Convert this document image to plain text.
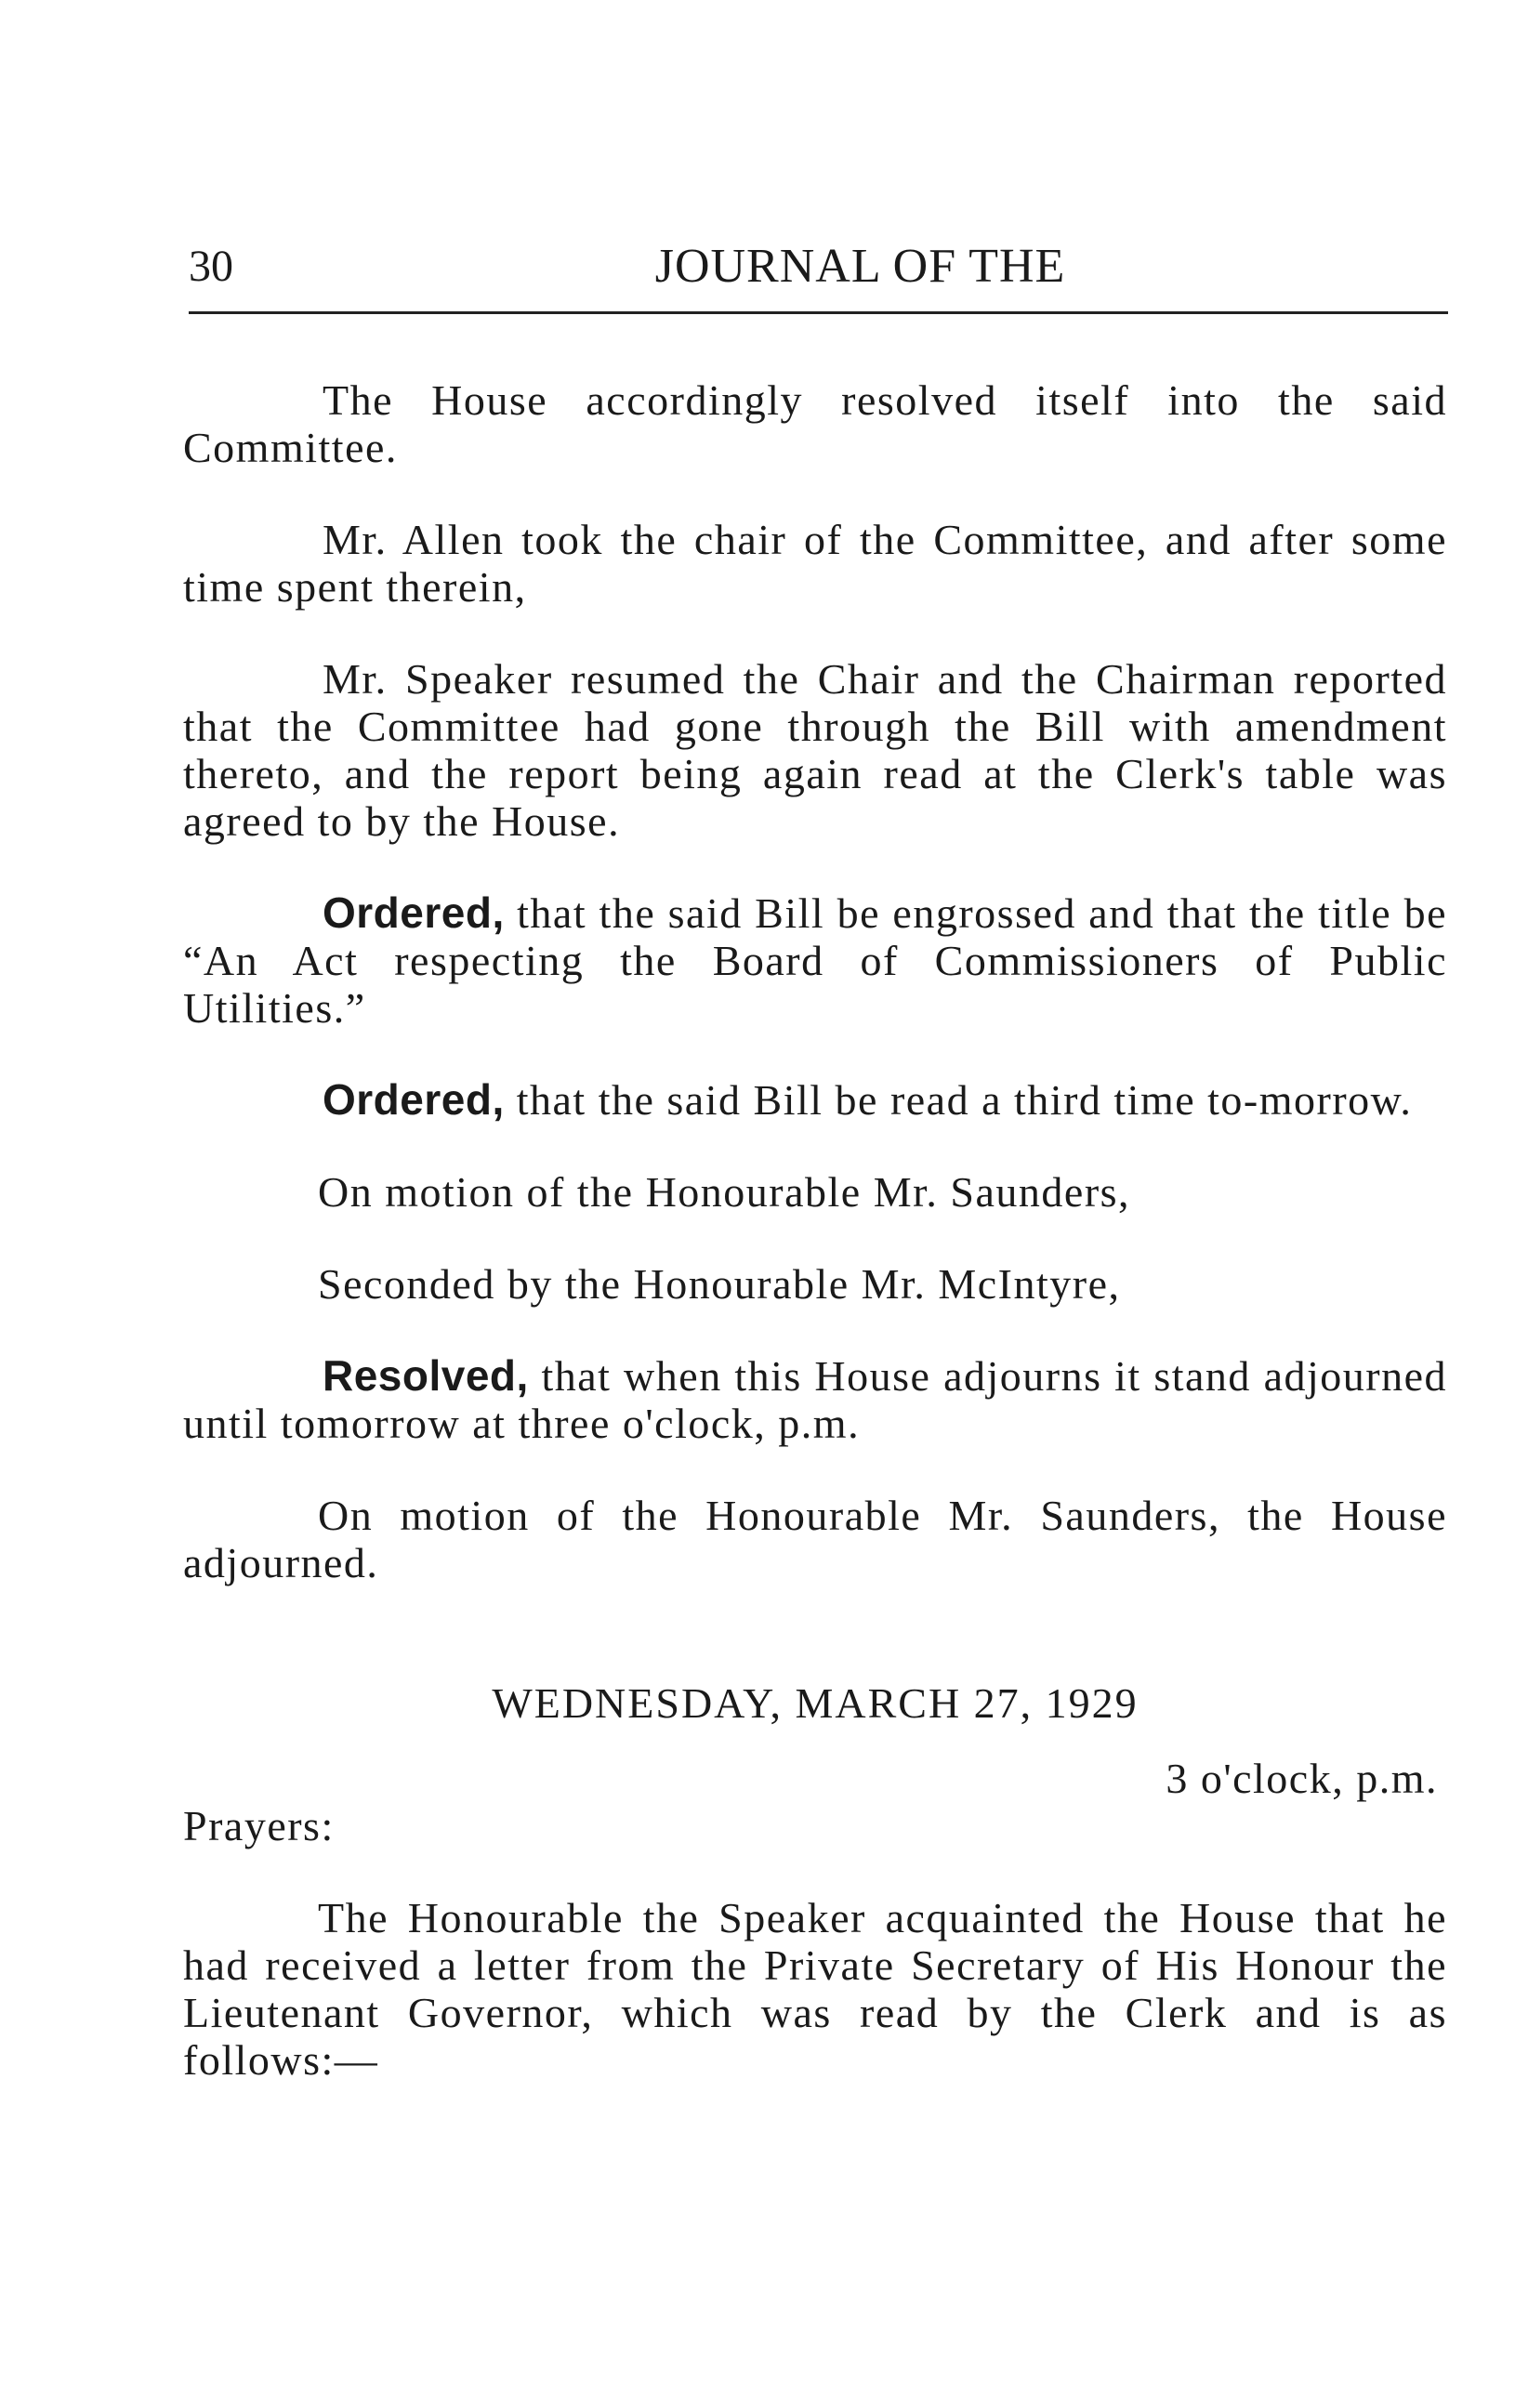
30	JOURNAL OF THE

The House accordingly resolved itself into the said Committee.

Mr. Allen took the chair of the Committee, and after some time spent therein,

Mr. Speaker resumed the Chair and the Chairman reported that the Committee had gone through the Bill with amendment thereto, and the report being again read at the Clerk's table was agreed to by the House.

Ordered, that the said Bill be engrossed and that the title be “An Act respecting the Board of Commissioners of Public Utilities.”

Ordered, that the said Bill be read a third time to-morrow.

On motion of the Honourable Mr. Saunders,

Seconded by the Honourable Mr. McIntyre,

Resolved, that when this House adjourns it stand adjourned until tomorrow at three o'clock, p.m.

On motion of the Honourable Mr. Saunders, the House adjourned.

WEDNESDAY, MARCH 27, 1929

3 o'clock, p.m.

Prayers:

The Honourable the Speaker acquainted the House that he had received a letter from the Private Secretary of His Honour the Lieutenant Governor, which was read by the Clerk and is as follows:—
